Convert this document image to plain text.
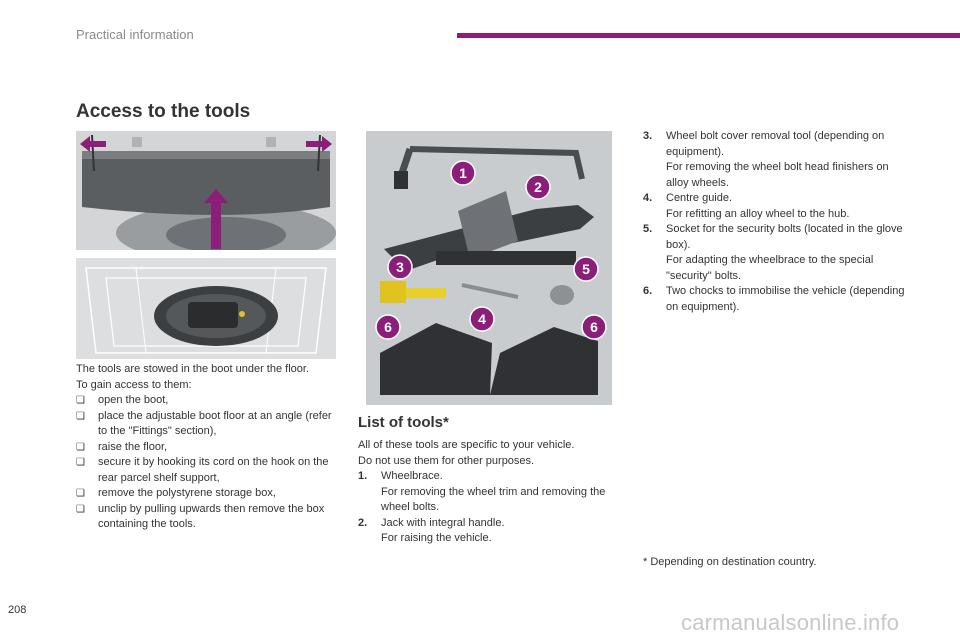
Practical information
Access to the tools

The tools are stowed in the boot under the floor.

To gain access to them:

❏ open the boot,
❏ place the adjustable boot floor at an angle (refer to the "Fittings" section),
❏ raise the floor,
❏ secure it by hooking its cord on the hook on the rear parcel shelf support,
❏ remove the polystyrene storage box,
❏ unclip by pulling upwards then remove the box containing the tools.
1
2
3	5
6	4	6
List of tools*

All of these tools are specific to your vehicle.

Do not use them for other purposes.

1. Wheelbrace.

For removing the wheel trim and removing the wheel bolts.

2. Jack with integral handle.

For raising the vehicle.

3. Wheel bolt cover removal tool (depending on equipment).

For removing the wheel bolt head finishers on alloy wheels.

4. Centre guide.

For refitting an alloy wheel to the hub.

5. Socket for the security bolts (located in the glove box).

For adapting the wheelbrace to the special "security" bolts.

6. Two chocks to immobilise the vehicle (depending on equipment).

* Depending on destination country.
208	carmanualsonline.info
